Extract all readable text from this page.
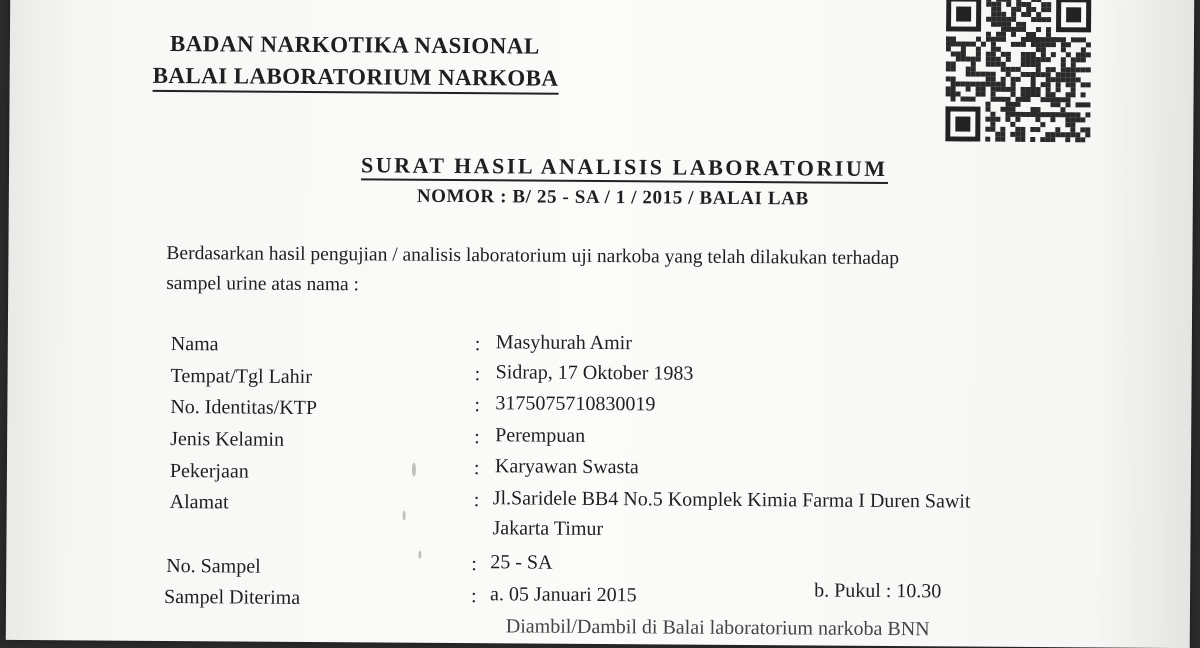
BADAN NARKOTIKA NASIONAL
BALAI LABORATORIUM NARKOBA
SURAT HASIL ANALISIS LABORATORIUM
NOMOR : B/ 25 - SA / 1 / 2015 / BALAI LAB
Berdasarkan hasil pengujian / analisis laboratorium uji narkoba yang telah dilakukan terhadap
sampel urine atas nama :
Nama	: Masyhurah Amir
Tempat/Tgl Lahir	: Sidrap, 17 Oktober 1983
No. Identitas/KTP	: 3175075710830019
Jenis Kelamin	: Perempuan
Pekerjaan	: Karyawan Swasta
Alamat	: Jl.Saridele BB4 No.5 Komplek Kimia Farma I Duren Sawit
Jakarta Timur
No. Sampel	: 25 - SA
Sampel Diterima	: a. 05 Januari 2015	b. Pukul : 10.30
Diambil/Dambil di Balai laboratorium narkoba BNN
